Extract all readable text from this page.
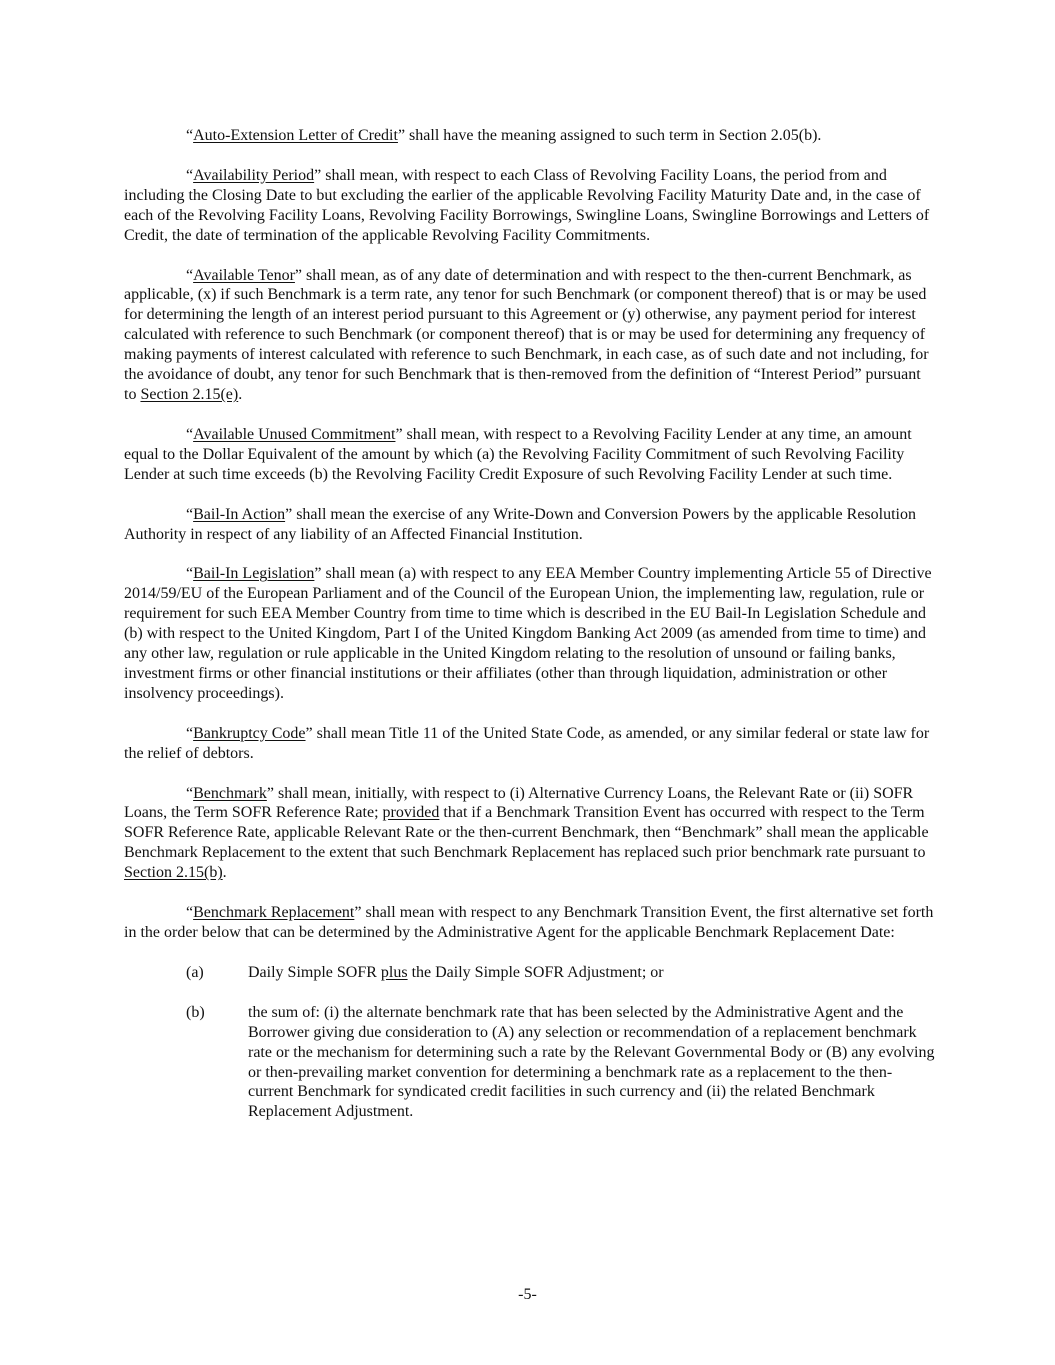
“Auto-Extension Letter of Credit” shall have the meaning assigned to such term in Section 2.05(b).

“Availability Period” shall mean, with respect to each Class of Revolving Facility Loans, the period from and including the Closing Date to but excluding the earlier of the applicable Revolving Facility Maturity Date and, in the case of each of the Revolving Facility Loans, Revolving Facility Borrowings, Swingline Loans, Swingline Borrowings and Letters of Credit, the date of termination of the applicable Revolving Facility Commitments.

“Available Tenor” shall mean, as of any date of determination and with respect to the then-current Benchmark, as applicable, (x) if such Benchmark is a term rate, any tenor for such Benchmark (or component thereof) that is or may be used for determining the length of an interest period pursuant to this Agreement or (y) otherwise, any payment period for interest calculated with reference to such Benchmark (or component thereof) that is or may be used for determining any frequency of making payments of interest calculated with reference to such Benchmark, in each case, as of such date and not including, for the avoidance of doubt, any tenor for such Benchmark that is then-removed from the definition of “Interest Period” pursuant to Section 2.15(e).

“Available Unused Commitment” shall mean, with respect to a Revolving Facility Lender at any time, an amount equal to the Dollar Equivalent of the amount by which (a) the Revolving Facility Commitment of such Revolving Facility Lender at such time exceeds (b) the Revolving Facility Credit Exposure of such Revolving Facility Lender at such time.

“Bail-In Action” shall mean the exercise of any Write-Down and Conversion Powers by the applicable Resolution Authority in respect of any liability of an Affected Financial Institution.

“Bail-In Legislation” shall mean (a) with respect to any EEA Member Country implementing Article 55 of Directive 2014/59/EU of the European Parliament and of the Council of the European Union, the implementing law, regulation, rule or requirement for such EEA Member Country from time to time which is described in the EU Bail-In Legislation Schedule and (b) with respect to the United Kingdom, Part I of the United Kingdom Banking Act 2009 (as amended from time to time) and any other law, regulation or rule applicable in the United Kingdom relating to the resolution of unsound or failing banks, investment firms or other financial institutions or their affiliates (other than through liquidation, administration or other insolvency proceedings).

“Bankruptcy Code” shall mean Title 11 of the United State Code, as amended, or any similar federal or state law for the relief of debtors.

“Benchmark” shall mean, initially, with respect to (i) Alternative Currency Loans, the Relevant Rate or (ii) SOFR Loans, the Term SOFR Reference Rate; provided that if a Benchmark Transition Event has occurred with respect to the Term SOFR Reference Rate, applicable Relevant Rate or the then-current Benchmark, then “Benchmark” shall mean the applicable Benchmark Replacement to the extent that such Benchmark Replacement has replaced such prior benchmark rate pursuant to Section 2.15(b).

“Benchmark Replacement” shall mean with respect to any Benchmark Transition Event, the first alternative set forth in the order below that can be determined by the Administrative Agent for the applicable Benchmark Replacement Date:

(a)	Daily Simple SOFR plus the Daily Simple SOFR Adjustment; or
(b)	the sum of: (i) the alternate benchmark rate that has been selected by the Administrative Agent and the Borrower giving due consideration to (A) any selection or recommendation of a replacement benchmark rate or the mechanism for determining such a rate by the Relevant Governmental Body or (B) any evolving or then-prevailing market convention for determining a benchmark rate as a replacement to the then-current Benchmark for syndicated credit facilities in such currency and (ii) the related Benchmark Replacement Adjustment.
-5-
